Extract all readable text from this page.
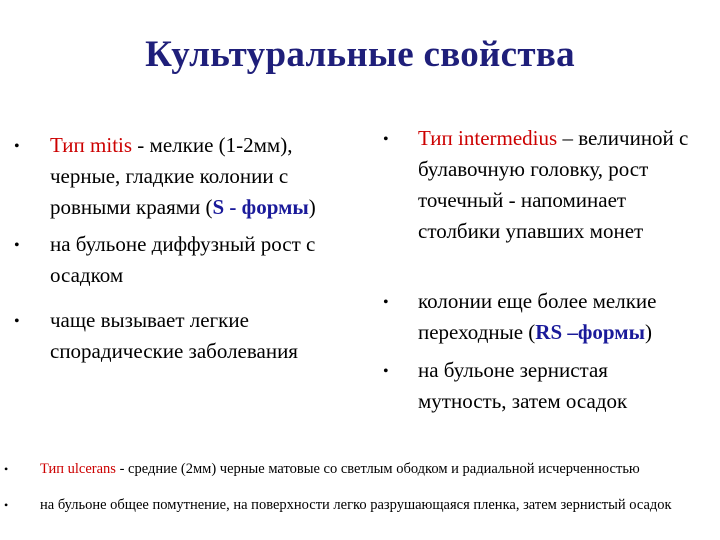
Культуральные свойства
• Тип mitis - мелкие (1-2мм), черные, гладкие колонии с ровными краями (S - формы)
• на бульоне диффузный рост с осадком
• чаще вызывает легкие спорадические заболевания
• Тип intermedius – величиной с булавочную головку, рост точечный - напоминает столбики упавших монет
• колонии еще более мелкие переходные (RS –формы)
• на бульоне зернистая мутность, затем осадок
• Тип ulcerans - средние (2мм) черные матовые со светлым ободком и радиальной исчерченностью
• на бульоне общее помутнение, на поверхности легко разрушающаяся пленка, затем зернистый осадок
